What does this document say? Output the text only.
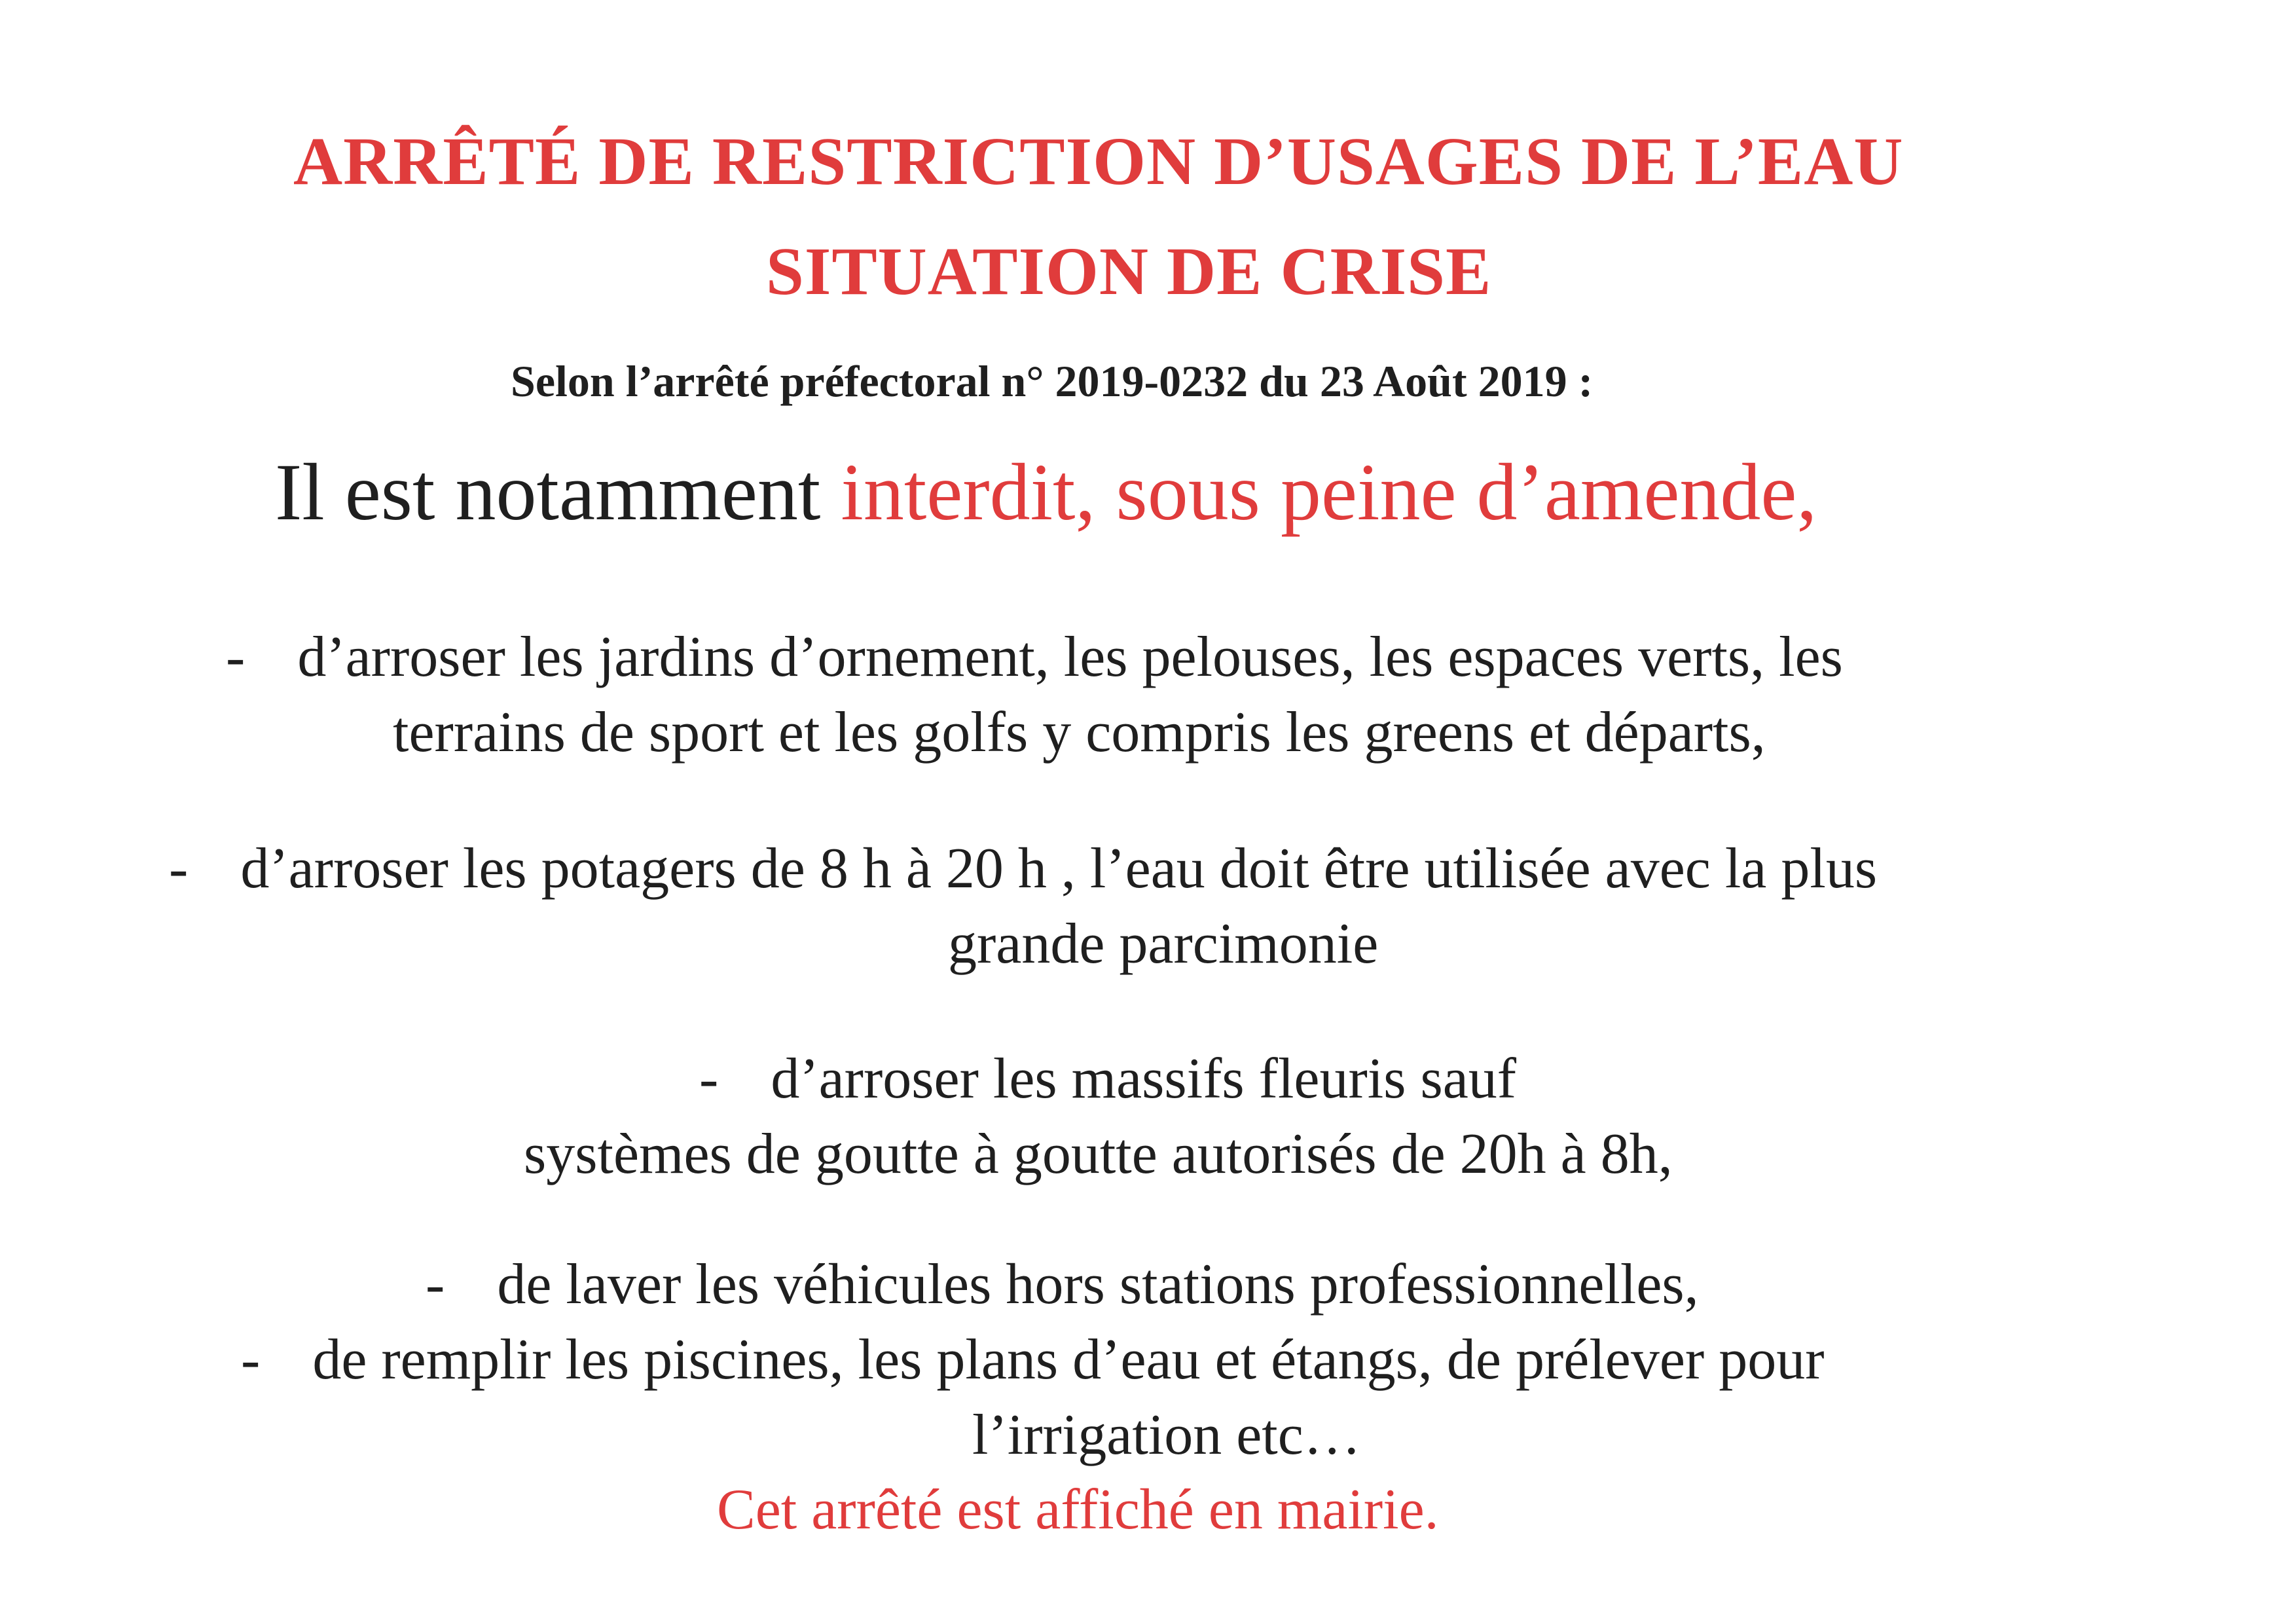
ARRÊTÉ DE RESTRICTION D’USAGES DE L’EAU
SITUATION DE CRISE
Selon l’arrêté préfectoral n° 2019-0232 du 23 Août 2019 :
Il est notamment interdit, sous peine d’amende,
- d’arroser les jardins d’ornement, les pelouses, les espaces verts, les
terrains de sport et les golfs y compris les greens et départs,
- d’arroser les potagers de 8 h à 20 h , l’eau doit être utilisée avec la plus
grande parcimonie
- d’arroser les massifs fleuris sauf
systèmes de goutte à goutte autorisés de 20h à 8h,
- de laver les véhicules hors stations professionnelles,
- de remplir les piscines, les plans d’eau et étangs, de prélever pour
l’irrigation etc…
Cet arrêté est affiché en mairie.
